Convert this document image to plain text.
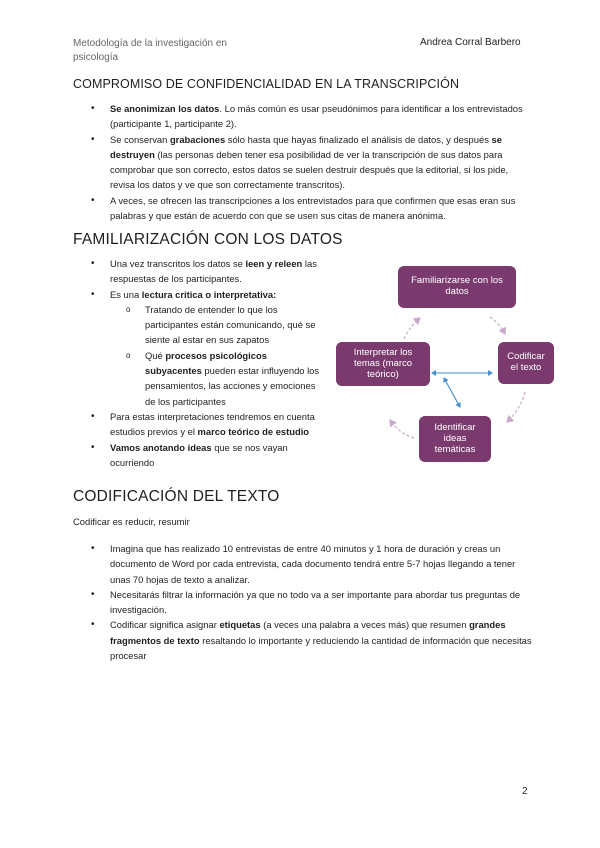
Metodología de la investigación en psicología
Andrea Corral Barbero
COMPROMISO DE CONFIDENCIALIDAD EN LA TRANSCRIPCIÓN
• Se anonimizan los datos. Lo más común es usar pseudónimos para identificar a los entrevistados (participante 1, participante 2).
• Se conservan grabaciones sólo hasta que hayas finalizado el análisis de datos, y después se destruyen (las personas deben tener esa posibilidad de ver la transcripción de sus datos para comprobar que son correcto, estos datos se suelen destruir después que la editorial, si los pide, revisa los datos y ve que son correctamente transcritos).
• A veces, se ofrecen las transcripciones a los entrevistados para que confirmen que esas eran sus palabras y que están de acuerdo con que se usen sus citas de manera anónima.
FAMILIARIZACIÓN CON LOS DATOS
• Una vez transcritos los datos se leen y releen las respuestas de los participantes.
• Es una lectura crítica o interpretativa:
o Tratando de entender lo que los participantes están comunicando, qué se siente al estar en sus zapatos
o Qué procesos psicológicos subyacentes pueden estar influyendo los pensamientos, las acciones y emociones de los participantes
• Para estas interpretaciones tendremos en cuenta estudios previos y el marco teórico de estudio
• Vamos anotando ideas que se nos vayan ocurriendo
Familiarizarse con los datos
Codificar el texto
Identificar ideas temáticas
Interpretar los temas (marco teórico)
CODIFICACIÓN DEL TEXTO
Codificar es reducir, resumir
• Imagina que has realizado 10 entrevistas de entre 40 minutos y 1 hora de duración y creas un documento de Word por cada entrevista, cada documento tendrá entre 5-7 hojas llegando a tener unas 70 hojas de texto a analizar.
• Necesitarás filtrar la información ya que no todo va a ser importante para abordar tus preguntas de investigación.
• Codificar significa asignar etiquetas (a veces una palabra a veces más) que resumen grandes fragmentos de texto resaltando lo importante y reduciendo la cantidad de información que necesitas procesar
2
